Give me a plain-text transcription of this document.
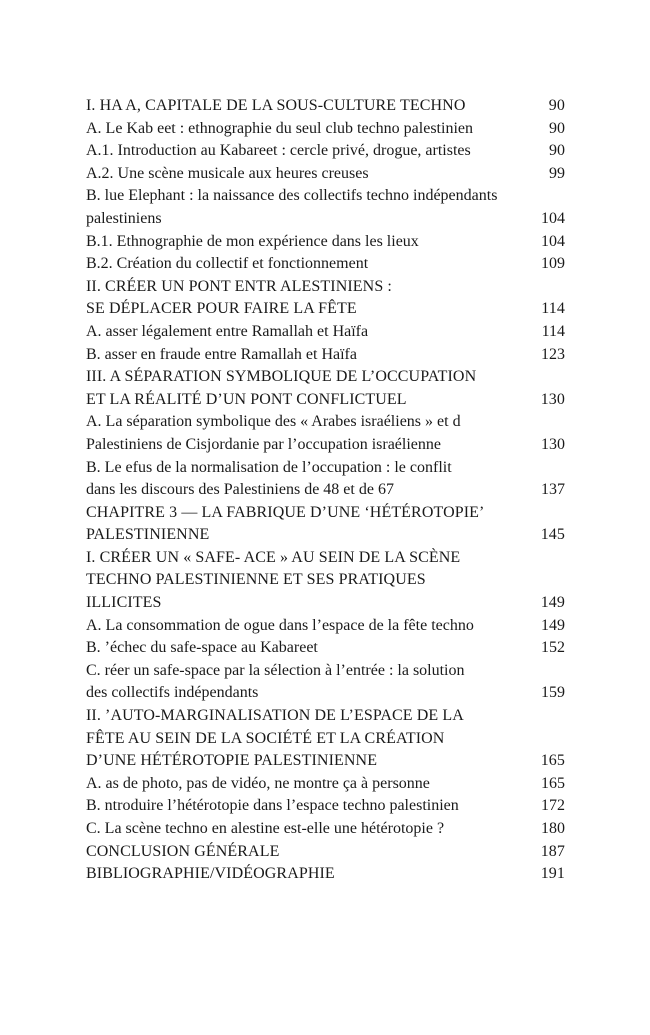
I. HA A, CAPITALE DE LA SOUS-CULTURE TECHNO	90
A. Le Kab eet : ethnographie du seul club techno palestinien	90
A.1. Introduction au Kabareet : cercle privé, drogue, artistes	90
A.2. Une scène musicale aux heures creuses	99
B. lue Elephant : la naissance des collectifs techno indépendants
palestiniens	104
B.1. Ethnographie de mon expérience dans les lieux	104
B.2. Création du collectif et fonctionnement	109
II. CRÉER UN PONT ENTR ALESTINIENS :
SE DÉPLACER POUR FAIRE LA FÊTE	114
A. asser légalement entre Ramallah et Haïfa	114
B. asser en fraude entre Ramallah et Haïfa	123
III. A SÉPARATION SYMBOLIQUE DE L’OCCUPATION
ET LA RÉALITÉ D’UN PONT CONFLICTUEL	130
A. La séparation symbolique des « Arabes israéliens » et d
Palestiniens de Cisjordanie par l’occupation israélienne	130
B. Le efus de la normalisation de l’occupation : le conflit
dans les discours des Palestiniens de 48 et de 67	137
CHAPITRE 3 — LA FABRIQUE D’UNE ‘HÉTÉROTOPIE’
PALESTINIENNE	145
I. CRÉER UN « SAFE- ACE » AU SEIN DE LA SCÈNE
TECHNO PALESTINIENNE ET SES PRATIQUES
ILLICITES	149
A. La consommation de ogue dans l’espace de la fête techno	149
B. ’échec du safe-space au Kabareet	152
C. réer un safe-space par la sélection à l’entrée : la solution
des collectifs indépendants	159
II. ’AUTO-MARGINALISATION DE L’ESPACE DE LA
FÊTE AU SEIN DE LA SOCIÉTÉ ET LA CRÉATION
D’UNE HÉTÉROTOPIE PALESTINIENNE	165
A. as de photo, pas de vidéo, ne montre ça à personne	165
B. ntroduire l’hétérotopie dans l’espace techno palestinien	172
C. La scène techno en alestine est-elle une hétérotopie ?	180
CONCLUSION GÉNÉRALE	187
BIBLIOGRAPHIE/VIDÉOGRAPHIE	191
